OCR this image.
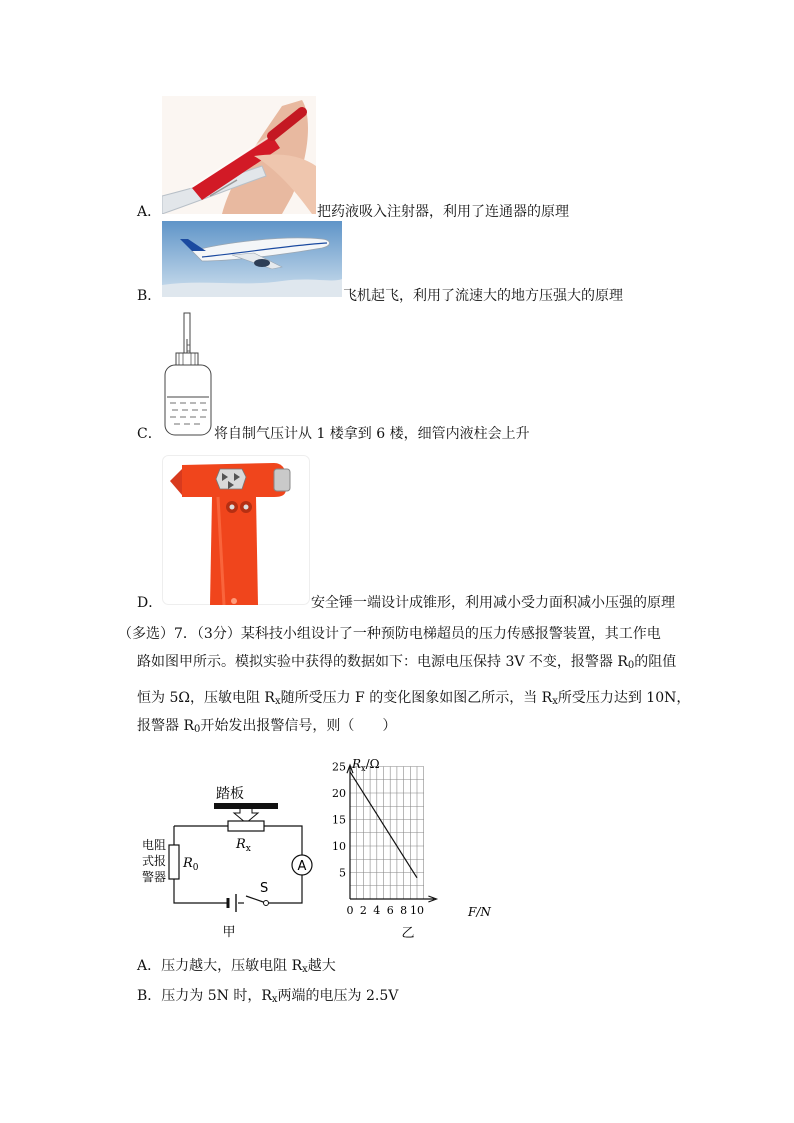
A．	把药液吸入注射器，利用了连通器的原理
B．	飞机起飞，利用了流速大的地方压强大的原理
C．	将自制气压计从 1 楼拿到 6 楼，细管内液柱会上升
D．	安全锤一端设计成锥形，利用减小受力面积减小压强的原理
（多选）7．（3分）某科技小组设计了一种预防电梯超员的压力传感报警装置，其工作电
路如图甲所示。模拟实验中获得的数据如下：电源电压保持 3V 不变，报警器 $R_0$的阻值
恒为 5Ω，压敏电阻 $R_x$随所受压力 F 的变化图象如图乙所示，当 $R_x$所受压力达到 10N，
报警器 $R_0$开始发出报警信号，则（　　）
踏板
$R_x$
A
S
$R_0$
电阻
式报
警器
甲
$R_x/\Omega$
F/N
0 2 4 6 8 10
5
10
15
20
25
乙
A．压力越大，压敏电阻 $R_x$越大
B．压力为 5N 时，$R_x$两端的电压为 2.5V
